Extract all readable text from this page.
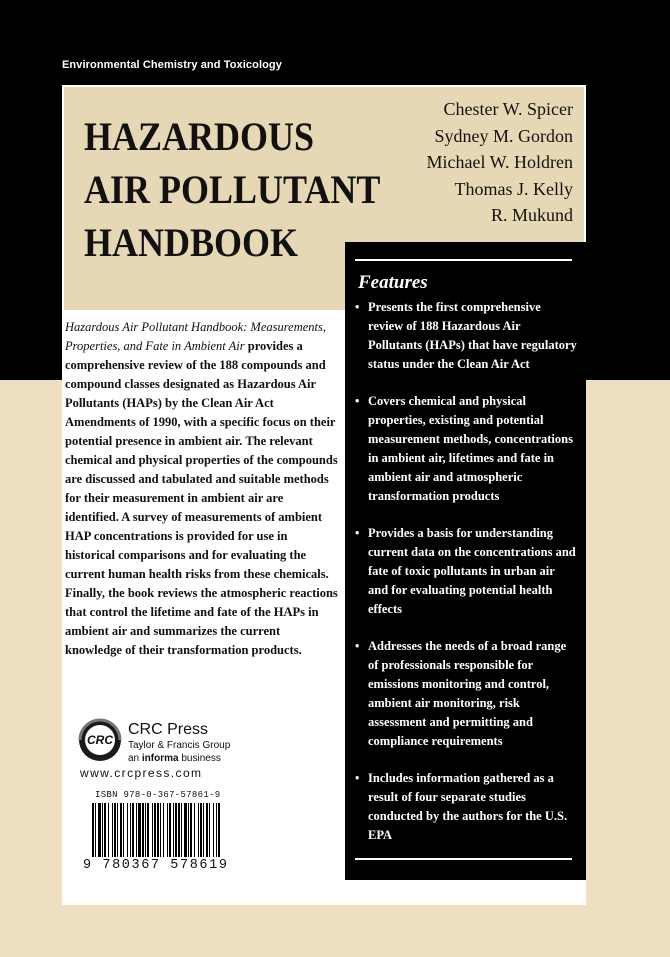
Environmental Chemistry and Toxicology
HAZARDOUS
AIR POLLUTANT
HANDBOOK
Chester W. Spicer
Sydney M. Gordon
Michael W. Holdren
Thomas J. Kelly
R. Mukund
Features
• Presents the first comprehensive review of 188 Hazardous Air Pollutants (HAPs) that have regulatory status under the Clean Air Act
• Covers chemical and physical properties, existing and potential measurement methods, concentrations in ambient air, lifetimes and fate in ambient air and atmospheric transformation products
• Provides a basis for understanding current data on the concentrations and fate of toxic pollutants in urban air and for evaluating potential health effects
• Addresses the needs of a broad range of professionals responsible for emissions monitoring and control, ambient air monitoring, risk assessment and permitting and compliance requirements
• Includes information gathered as a result of four separate studies conducted by the authors for the U.S. EPA
Hazardous Air Pollutant Handbook: Measurements, Properties, and Fate in Ambient Air provides a comprehensive review of the 188 compounds and compound classes designated as Hazardous Air Pollutants (HAPs) by the Clean Air Act Amendments of 1990, with a specific focus on their potential presence in ambient air. The relevant chemical and physical properties of the compounds are discussed and tabulated and suitable methods for their measurement in ambient air are identified. A survey of measurements of ambient HAP concentrations is provided for use in historical comparisons and for evaluating the current human health risks from these chemicals. Finally, the book reviews the atmospheric reactions that control the lifetime and fate of the HAPs in ambient air and summarizes the current knowledge of their transformation products.
CRC
CRC Press
Taylor & Francis Group
an informa business
www.crcpress.com
ISBN 978-0-367-57861-9
9 780367 578619
